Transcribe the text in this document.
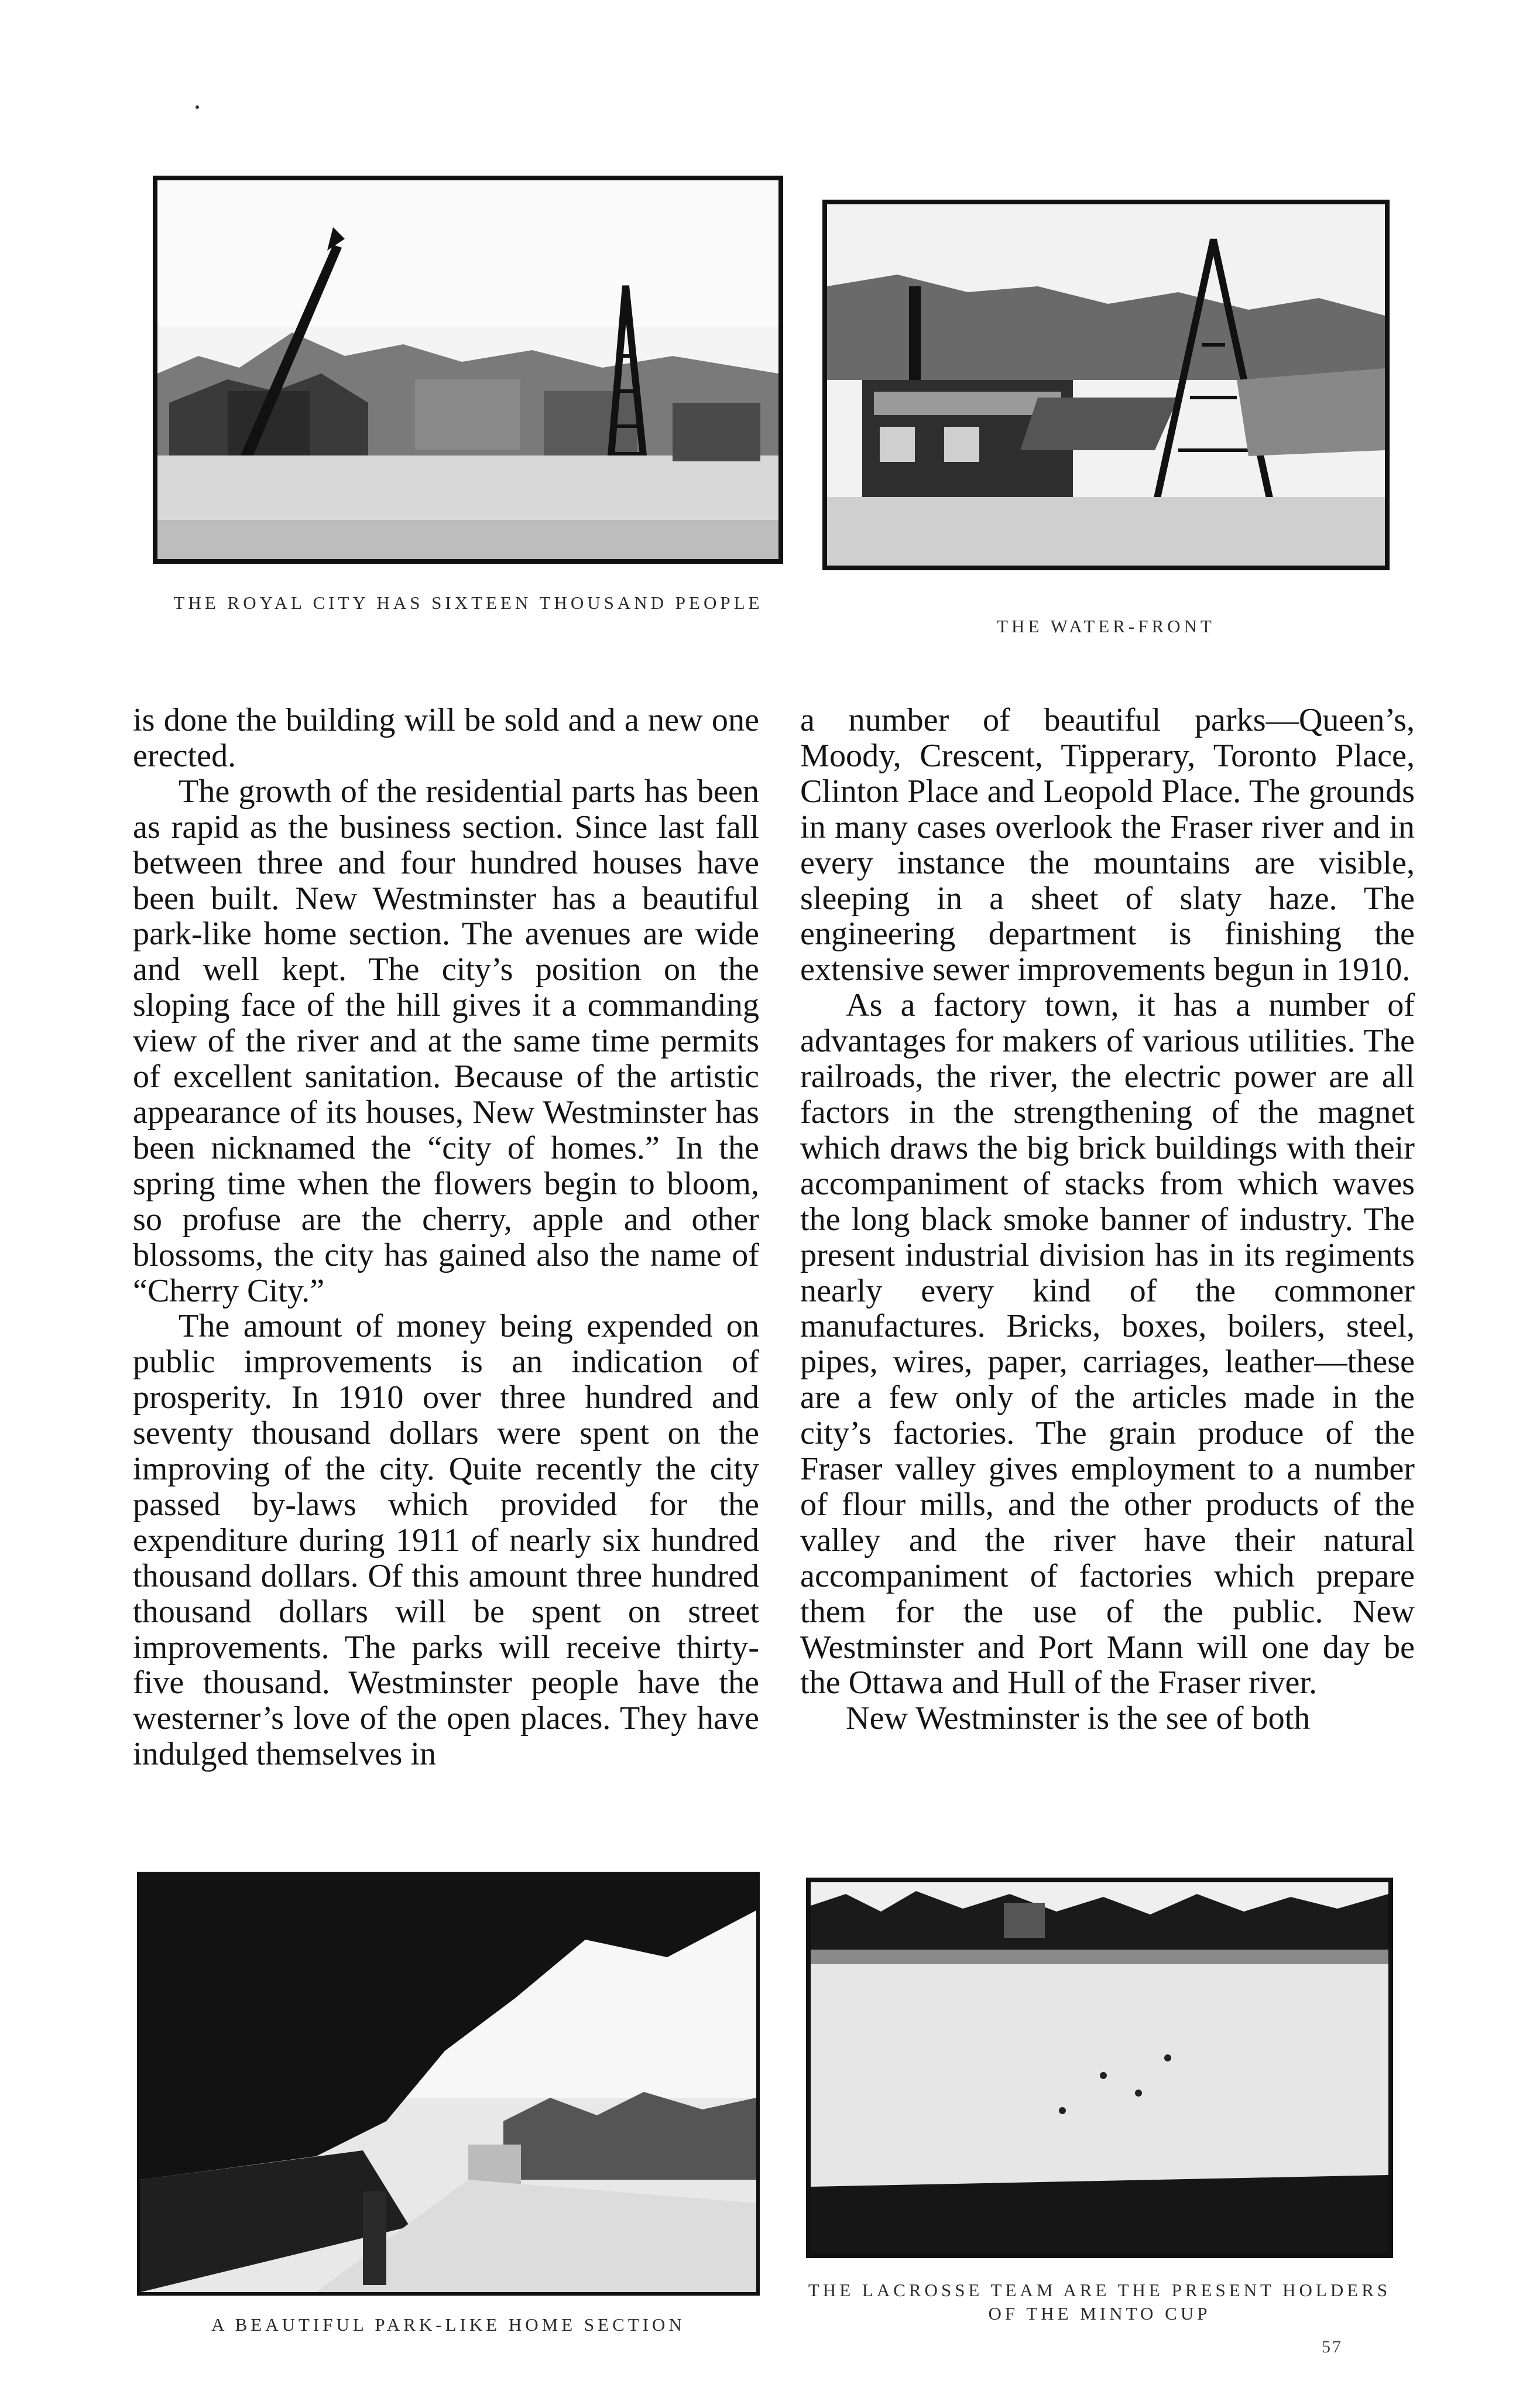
THE ROYAL CITY HAS SIXTEEN THOUSAND PEOPLE
THE WATER-FRONT

is done the building will be sold and a new one erected.

The growth of the residential parts has been as rapid as the business section. Since last fall between three and four hundred houses have been built. New Westminster has a beautiful park-like home section. The avenues are wide and well kept. The city’s position on the sloping face of the hill gives it a commanding view of the river and at the same time permits of excellent sanitation. Because of the artistic appearance of its houses, New Westminster has been nicknamed the “city of homes.” In the spring time when the flowers begin to bloom, so profuse are the cherry, apple and other blossoms, the city has gained also the name of “Cherry City.”

The amount of money being expended on public improvements is an indication of prosperity. In 1910 over three hundred and seventy thousand dollars were spent on the improving of the city. Quite recently the city passed by-laws which provided for the expenditure during 1911 of nearly six hundred thousand dollars. Of this amount three hundred thousand dollars will be spent on street improvements. The parks will receive thirty-five thousand. Westminster people have the westerner’s love of the open places. They have indulged themselves in

a number of beautiful parks—Queen’s, Moody, Crescent, Tipperary, Toronto Place, Clinton Place and Leopold Place. The grounds in many cases overlook the Fraser river and in every instance the mountains are visible, sleeping in a sheet of slaty haze. The engineering department is finishing the extensive sewer improvements begun in 1910.

As a factory town, it has a number of advantages for makers of various utilities. The railroads, the river, the electric power are all factors in the strengthening of the magnet which draws the big brick buildings with their accompaniment of stacks from which waves the long black smoke banner of industry. The present industrial division has in its regiments nearly every kind of the commoner manufactures. Bricks, boxes, boilers, steel, pipes, wires, paper, carriages, leather—these are a few only of the articles made in the city’s factories. The grain produce of the Fraser valley gives employment to a number of flour mills, and the other products of the valley and the river have their natural accompaniment of factories which prepare them for the use of the public. New Westminster and Port Mann will one day be the Ottawa and Hull of the Fraser river.

New Westminster is the see of both

A BEAUTIFUL PARK-LIKE HOME SECTION
THE LACROSSE TEAM ARE THE PRESENT HOLDERS OF THE MINTO CUP
57
